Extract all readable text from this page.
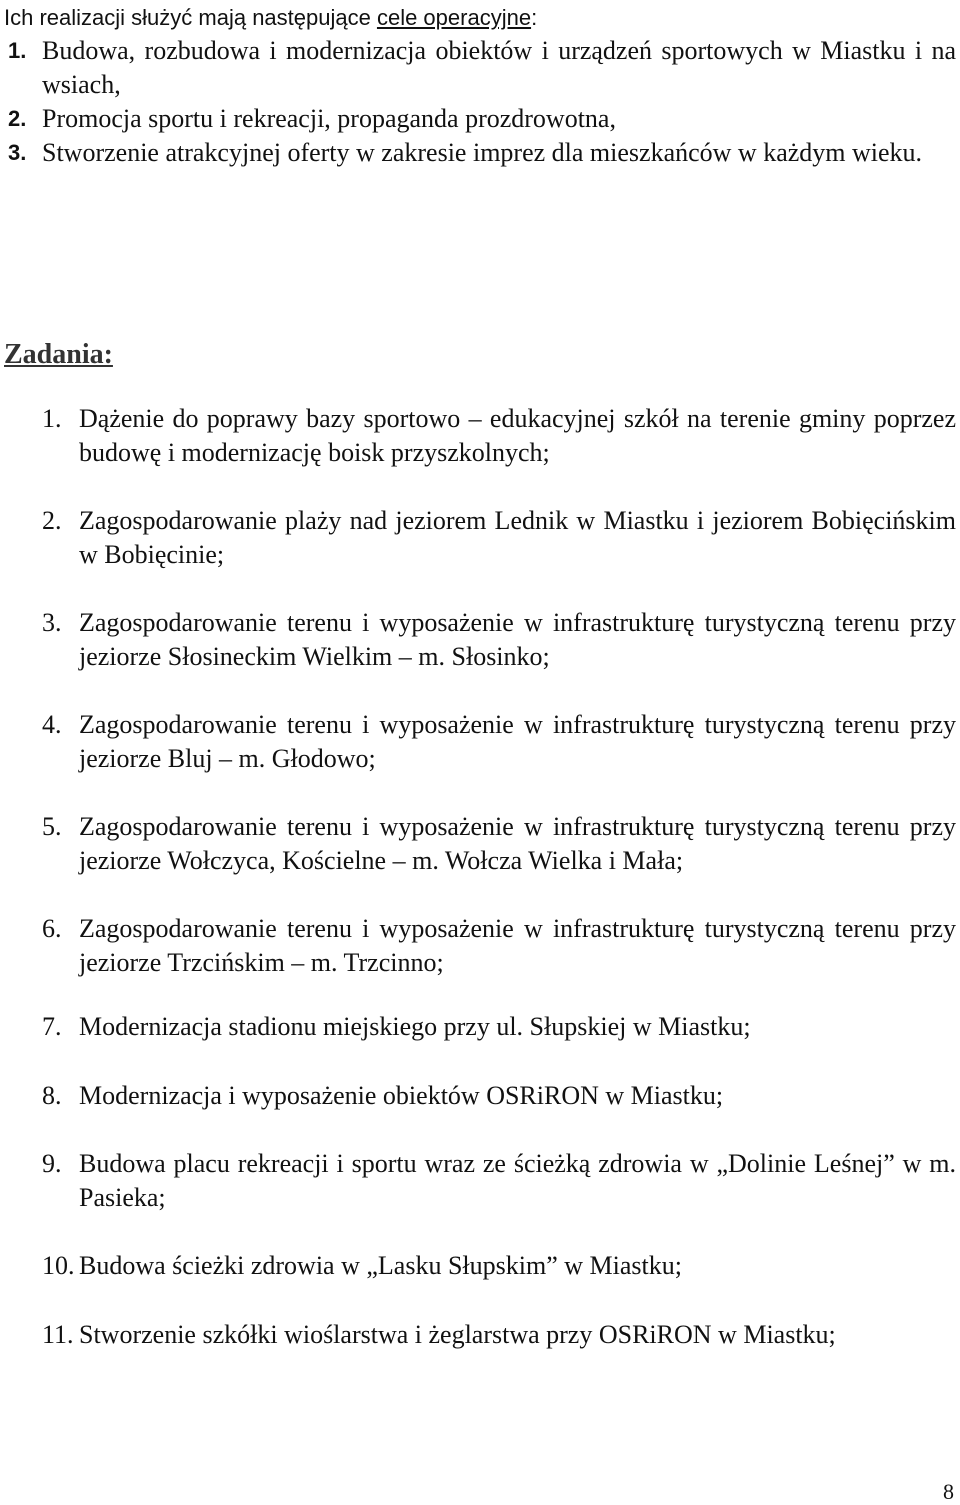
Ich realizacji służyć mają następujące cele operacyjne:

1. Budowa, rozbudowa i modernizacja obiektów i urządzeń sportowych w Miastku i na wsiach,
2. Promocja sportu i rekreacji, propaganda prozdrowotna,
3. Stworzenie atrakcyjnej oferty w zakresie imprez dla mieszkańców w każdym wieku.
Zadania:
1. Dążenie do poprawy bazy sportowo – edukacyjnej szkół na terenie gminy poprzez budowę i modernizację boisk przyszkolnych;
2. Zagospodarowanie plaży nad jeziorem Lednik w Miastku i jeziorem Bobięcińskim w Bobięcinie;
3. Zagospodarowanie terenu i wyposażenie w infrastrukturę turystyczną terenu przy jeziorze Słosineckim Wielkim – m. Słosinko;
4. Zagospodarowanie terenu i wyposażenie w infrastrukturę turystyczną terenu przy jeziorze Bluj – m. Głodowo;
5. Zagospodarowanie terenu i wyposażenie w infrastrukturę turystyczną terenu przy jeziorze Wołczyca, Kościelne – m. Wołcza Wielka i Mała;
6. Zagospodarowanie terenu i wyposażenie w infrastrukturę turystyczną terenu przy jeziorze Trzcińskim – m. Trzcinno;
7. Modernizacja stadionu miejskiego przy ul. Słupskiej w Miastku;
8. Modernizacja i wyposażenie obiektów OSRiRON w Miastku;
9. Budowa placu rekreacji i sportu wraz ze ścieżką zdrowia w „Dolinie Leśnej” w m. Pasieka;
10. Budowa ścieżki zdrowia w „Lasku Słupskim” w Miastku;
11. Stworzenie szkółki wioślarstwa i żeglarstwa przy OSRiRON w Miastku;
8
